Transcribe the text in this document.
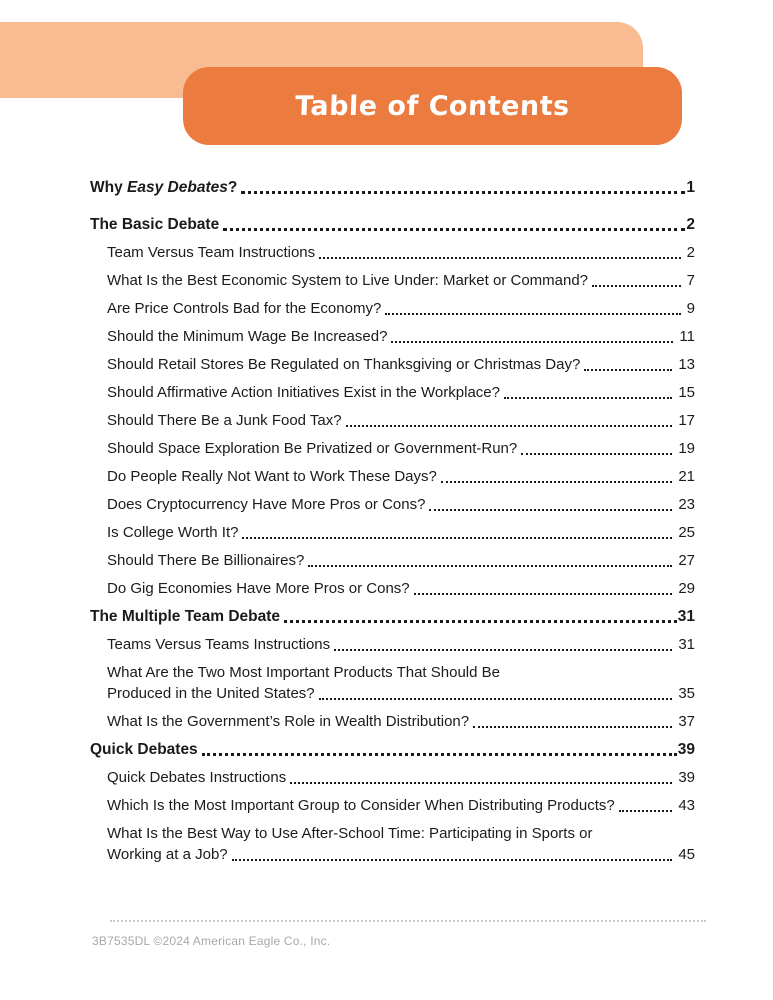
Table of Contents
Why Easy Debates?	1
The Basic Debate	2
Team Versus Team Instructions	2
What Is the Best Economic System to Live Under: Market or Command?	7
Are Price Controls Bad for the Economy?	9
Should the Minimum Wage Be Increased?	11
Should Retail Stores Be Regulated on Thanksgiving or Christmas Day?	13
Should Affirmative Action Initiatives Exist in the Workplace?	15
Should There Be a Junk Food Tax?	17
Should Space Exploration Be Privatized or Government-Run?	19
Do People Really Not Want to Work These Days?	21
Does Cryptocurrency Have More Pros or Cons?	23
Is College Worth It?	25
Should There Be Billionaires?	27
Do Gig Economies Have More Pros or Cons?	29
The Multiple Team Debate	31
Teams Versus Teams Instructions	31
What Are the Two Most Important Products That Should Be
Produced in the United States?	35
What Is the Government’s Role in Wealth Distribution?	37
Quick Debates	39
Quick Debates Instructions	39
Which Is the Most Important Group to Consider When Distributing Products?	43
What Is the Best Way to Use After-School Time: Participating in Sports or
Working at a Job?	45
3B7535DL ©2024 American Eagle Co., Inc.
